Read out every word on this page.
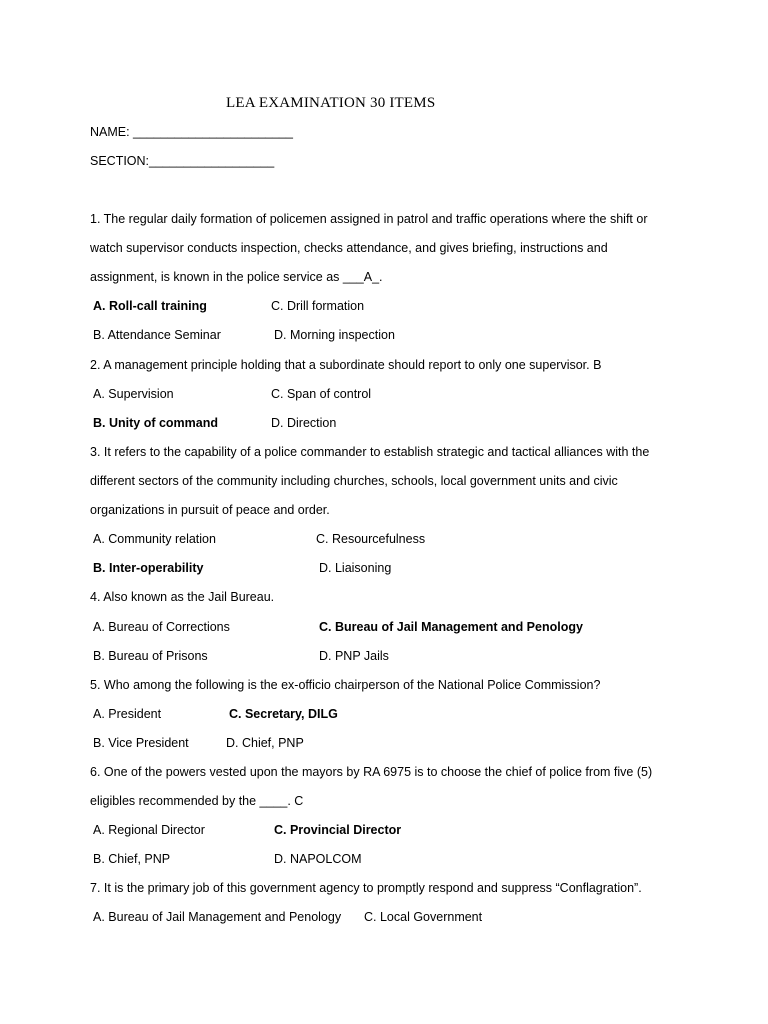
LEA EXAMINATION 30 ITEMS
NAME: _______________________
SECTION:__________________
1. The regular daily formation of policemen assigned in patrol and traffic operations where the shift or
watch supervisor conducts inspection, checks attendance, and gives briefing, instructions and
assignment, is known in the police service as ___A_.
A. Roll-call training	C. Drill formation
B. Attendance Seminar	D. Morning inspection
2. A management principle holding that a subordinate should report to only one supervisor. B
A. Supervision	C. Span of control
B. Unity of command	D. Direction
3. It refers to the capability of a police commander to establish strategic and tactical alliances with the
different sectors of the community including churches, schools, local government units and civic
organizations in pursuit of peace and order.
A. Community relation	C. Resourcefulness
B. Inter-operability	D. Liaisoning
4. Also known as the Jail Bureau.
A. Bureau of Corrections	C. Bureau of Jail Management and Penology
B. Bureau of Prisons	D. PNP Jails
5. Who among the following is the ex-officio chairperson of the National Police Commission?
A. President	C. Secretary, DILG
B. Vice President	D. Chief, PNP
6. One of the powers vested upon the mayors by RA 6975 is to choose the chief of police from five (5)
eligibles recommended by the ____. C
A. Regional Director	C. Provincial Director
B. Chief, PNP	D. NAPOLCOM
7. It is the primary job of this government agency to promptly respond and suppress “Conflagration”.
A. Bureau of Jail Management and Penology C. Local Government
